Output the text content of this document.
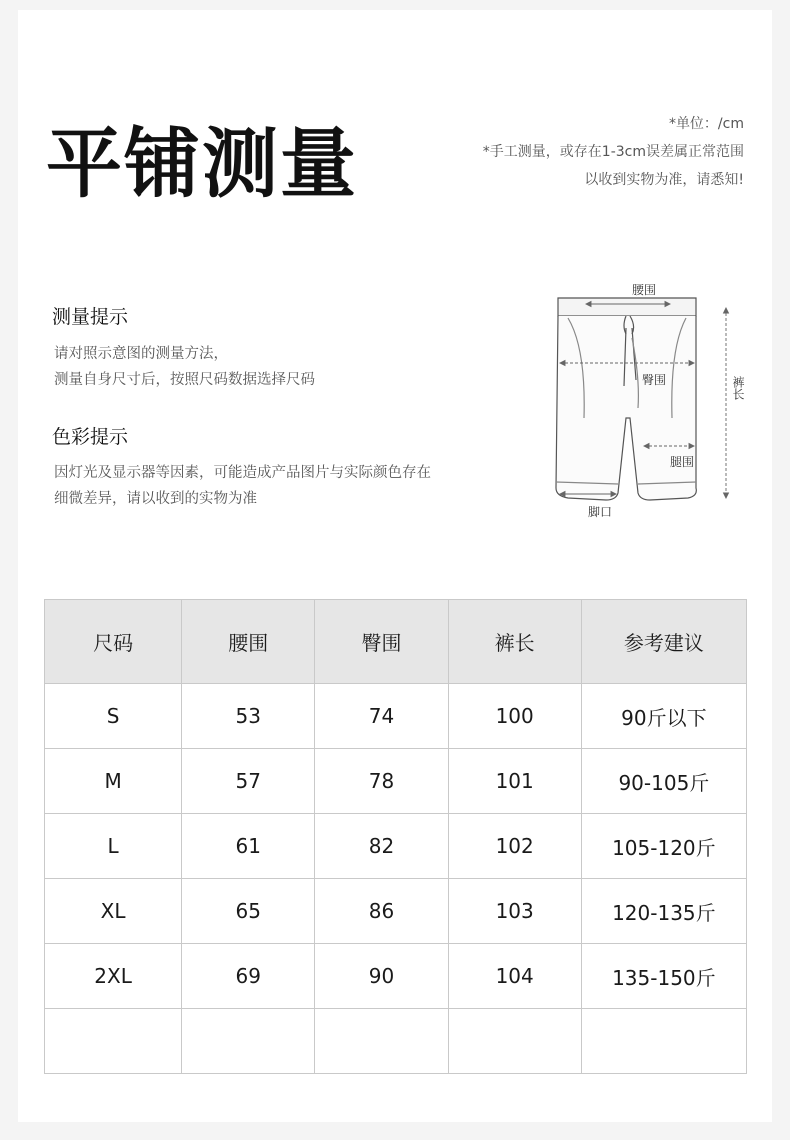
平铺测量	*单位：/cm
*手工测量，或存在1-3cm误差属正常范围
以收到实物为准，请悉知!
测量提示
请对照示意图的测量方法，
测量自身尺寸后，按照尺码数据选择尺码
色彩提示
因灯光及显示器等因素，可能造成产品图片与实际颜色存在
细微差异，请以收到的实物为准
腰围
臀围
腿围
脚口
裤长
尺码	腰围	臀围	裤长	参考建议
S	53	74	100	90斤以下
M	57	78	101	90-105斤
L	61	82	102	105-120斤
XL	65	86	103	120-135斤
2XL	69	90	104	135-150斤
